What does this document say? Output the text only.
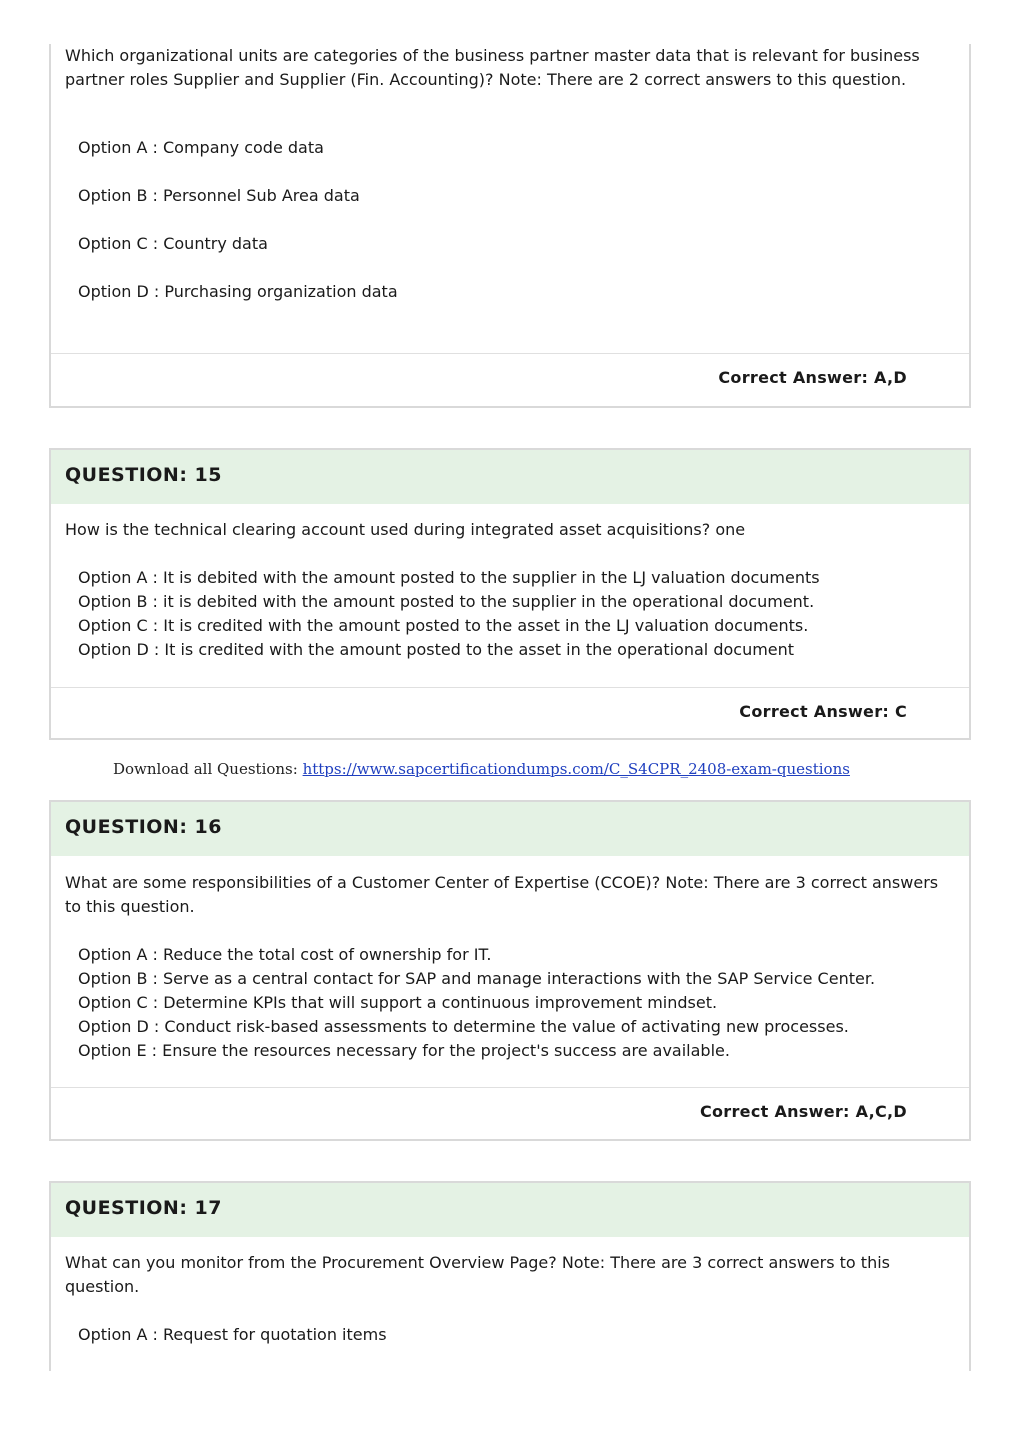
Which organizational units are categories of the business partner master data that is relevant for business partner roles Supplier and Supplier (Fin. Accounting)? Note: There are 2 correct answers to this question.
Option A : Company code data
Option B : Personnel Sub Area data
Option C : Country data
Option D : Purchasing organization data
Correct Answer: A,D
QUESTION: 15
How is the technical clearing account used during integrated asset acquisitions? one
Option A : It is debited with the amount posted to the supplier in the LJ valuation documents
Option B : it is debited with the amount posted to the supplier in the operational document.
Option C : It is credited with the amount posted to the asset in the LJ valuation documents.
Option D : It is credited with the amount posted to the asset in the operational document
Correct Answer: C
Download all Questions: https://www.sapcertificationdumps.com/C_S4CPR_2408-exam-questions
QUESTION: 16
What are some responsibilities of a Customer Center of Expertise (CCOE)? Note: There are 3 correct answers to this question.
Option A : Reduce the total cost of ownership for IT.
Option B : Serve as a central contact for SAP and manage interactions with the SAP Service Center.
Option C : Determine KPIs that will support a continuous improvement mindset.
Option D : Conduct risk-based assessments to determine the value of activating new processes.
Option E : Ensure the resources necessary for the project's success are available.
Correct Answer: A,C,D
QUESTION: 17
What can you monitor from the Procurement Overview Page? Note: There are 3 correct answers to this question.
Option A : Request for quotation items
